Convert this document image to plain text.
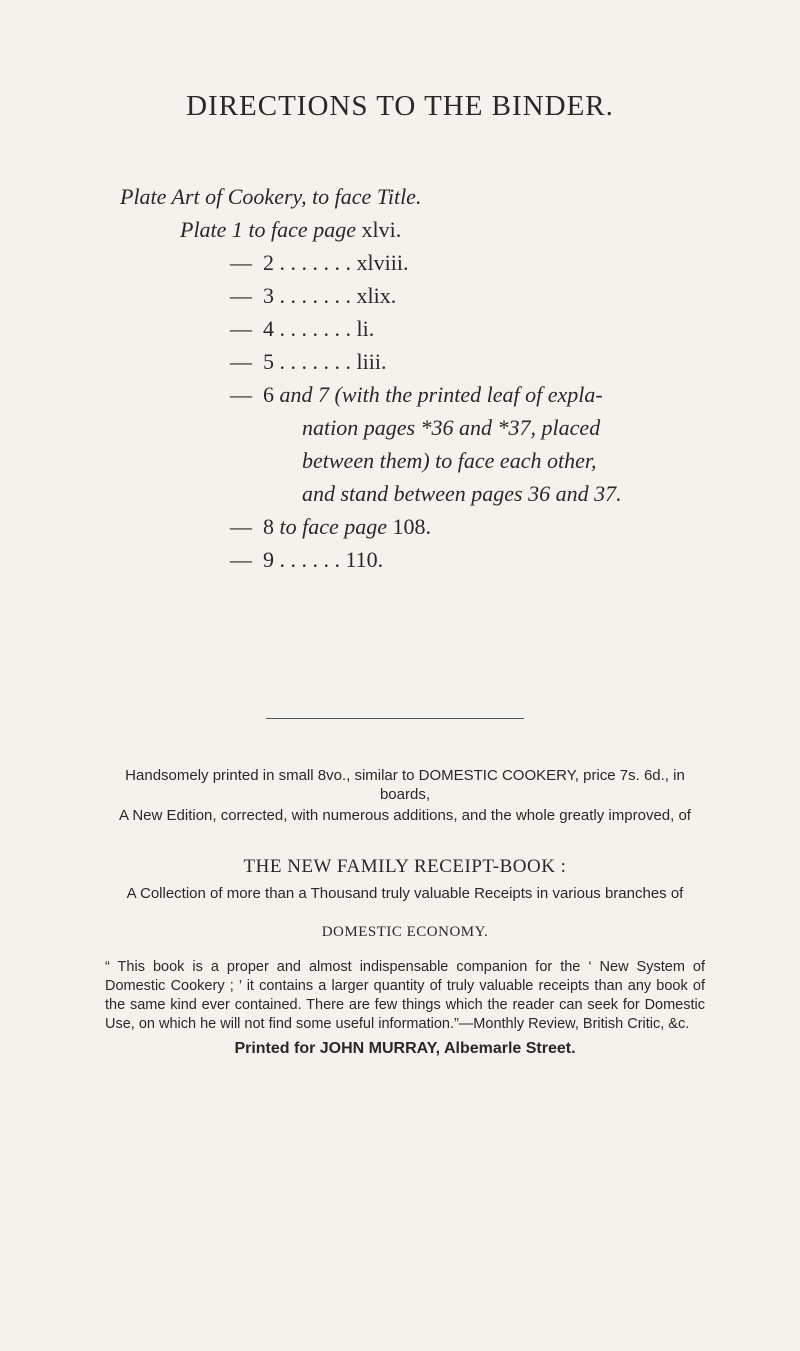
DIRECTIONS TO THE BINDER.
Plate Art of Cookery, to face Title.
Plate 1 to face page xlvi.
— 2 . . . . . . . xlviii.
— 3 . . . . . . . xlix.
— 4 . . . . . . . li.
— 5 . . . . . . . liii.
— 6 and 7 (with the printed leaf of expla-
nation pages *36 and *37, placed
between them) to face each other,
and stand between pages 36 and 37.
— 8 to face page 108.
— 9 . . . . . . 110.
Handsomely printed in small 8vo., similar to DOMESTIC COOKERY, price 7s. 6d., in boards,
A New Edition, corrected, with numerous additions, and the whole greatly improved, of
THE NEW FAMILY RECEIPT-BOOK :
A Collection of more than a Thousand truly valuable Receipts in various branches of
DOMESTIC ECONOMY.
“ This book is a proper and almost indispensable companion for the ‘ New System of Domestic Cookery ; ’ it contains a larger quantity of truly valuable receipts than any book of the same kind ever contained. There are few things which the reader can seek for Domestic Use, on which he will not find some useful information.”—Monthly Review, British Critic, &c.
Printed for JOHN MURRAY, Albemarle Street.
